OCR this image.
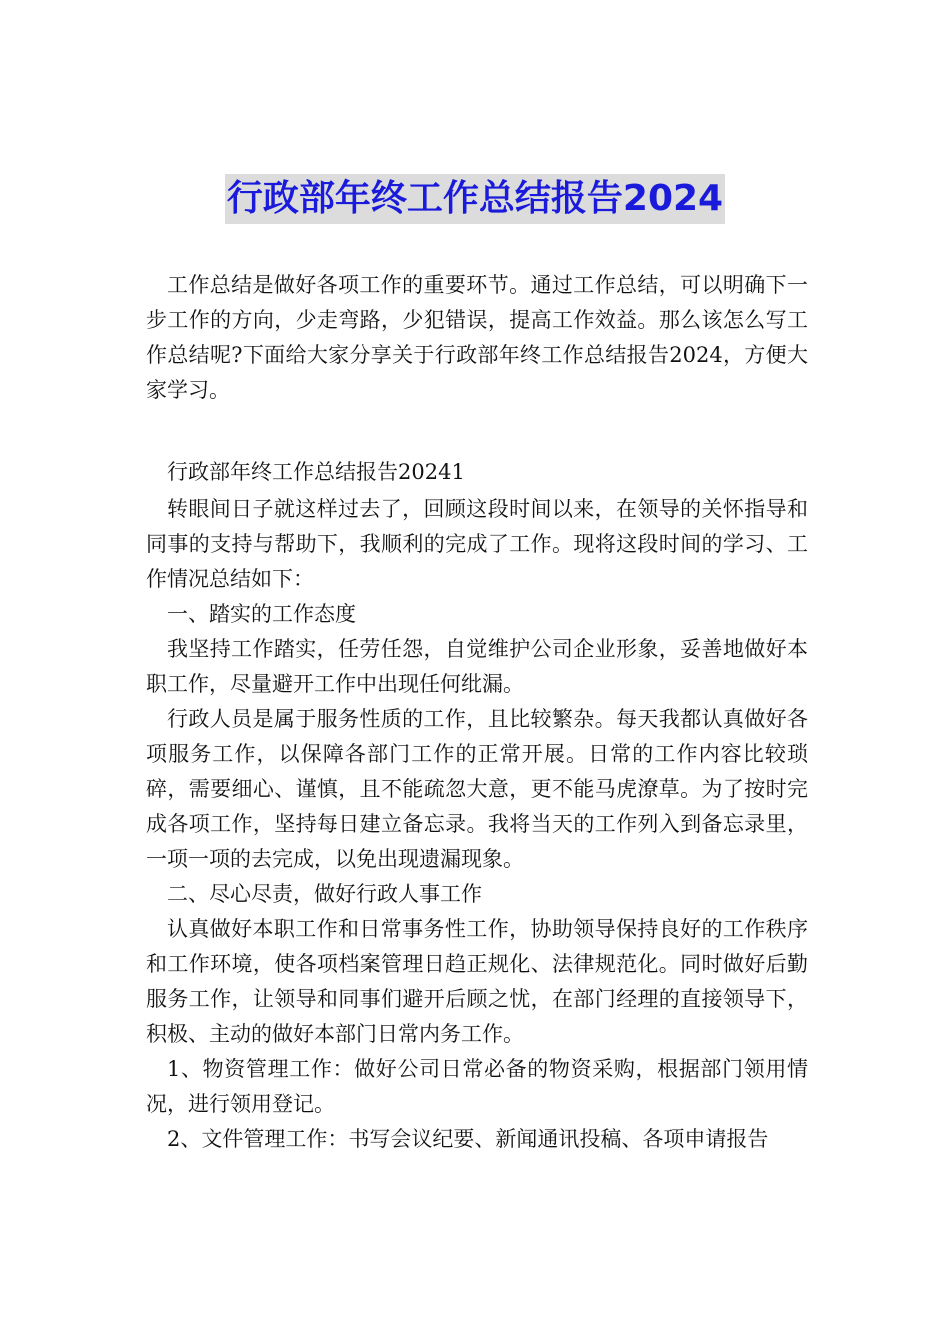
行政部年终工作总结报告2024

工作总结是做好各项工作的重要环节。通过工作总结，可以明确下一步工作的方向，少走弯路，少犯错误，提高工作效益。那么该怎么写工作总结呢?下面给大家分享关于行政部年终工作总结报告2024，方便大家学习。

行政部年终工作总结报告20241

转眼间日子就这样过去了，回顾这段时间以来，在领导的关怀指导和同事的支持与帮助下，我顺利的完成了工作。现将这段时间的学习、工作情况总结如下：

一、踏实的工作态度

我坚持工作踏实，任劳任怨，自觉维护公司企业形象，妥善地做好本职工作，尽量避开工作中出现任何纰漏。

行政人员是属于服务性质的工作，且比较繁杂。每天我都认真做好各项服务工作，以保障各部门工作的正常开展。日常的工作内容比较琐碎，需要细心、谨慎，且不能疏忽大意，更不能马虎潦草。为了按时完成各项工作，坚持每日建立备忘录。我将当天的工作列入到备忘录里，一项一项的去完成，以免出现遗漏现象。

二、尽心尽责，做好行政人事工作

认真做好本职工作和日常事务性工作，协助领导保持良好的工作秩序和工作环境，使各项档案管理日趋正规化、法律规范化。同时做好后勤服务工作，让领导和同事们避开后顾之忧，在部门经理的直接领导下，积极、主动的做好本部门日常内务工作。

1、物资管理工作：做好公司日常必备的物资采购，根据部门领用情况，进行领用登记。

2、文件管理工作：书写会议纪要、新闻通讯投稿、各项申请报告
